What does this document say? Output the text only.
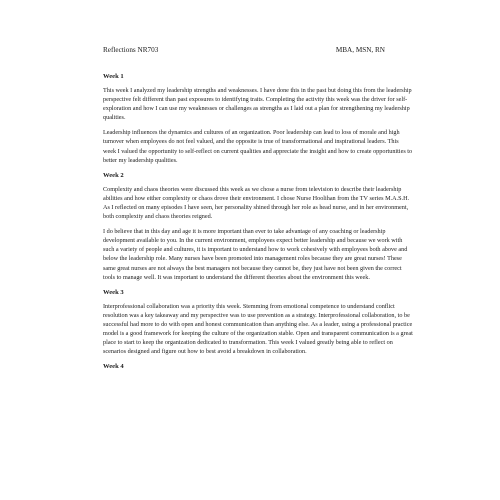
Reflections NR703	MBA, MSN, RN
Week 1

This week I analyzed my leadership strengths and weaknesses. I have done this in the past but doing this from the leadership perspective felt different than past exposures to identifying traits. Completing the activity this week was the driver for self- exploration and how I can use my weaknesses or challenges as strengths as I laid out a plan for strengthening my leadership qualities.

Leadership influences the dynamics and cultures of an organization. Poor leadership can lead to loss of morale and high turnover when employees do not feel valued, and the opposite is true of transformational and inspirational leaders. This week I valued the opportunity to self-reflect on current qualities and appreciate the insight and how to create opportunities to better my leadership qualities.

Week 2

Complexity and chaos theories were discussed this week as we chose a nurse from television to describe their leadership abilities and how either complexity or chaos drove their environment. I chose Nurse Hoolihan from the TV series M.A.S.H. As I reflected on many episodes I have seen, her personality shined through her role as head nurse, and in her environment, both complexity and chaos theories reigned.

I do believe that in this day and age it is more important than ever to take advantage of any coaching or leadership development available to you. In the current environment, employees expect better leadership and because we work with such a variety of people and cultures, it is important to understand how to work cohesively with employees both above and below the leadership role. Many nurses have been promoted into management roles because they are great nurses! These same great nurses are not always the best managers not because they cannot be, they just have not been given the correct tools to manage well. It was important to understand the different theories about the environment this week.

Week 3

Interprofessional collaboration was a priority this week. Stemming from emotional competence to understand conflict resolution was a key takeaway and my perspective was to use prevention as a strategy. Interprofessional collaboration, to be successful had more to do with open and honest communication than anything else. As a leader, using a professional practice model is a good framework for keeping the culture of the organization stable. Open and transparent communication is a great place to start to keep the organization dedicated to transformation. This week I valued greatly being able to reflect on scenarios designed and figure out how to best avoid a breakdown in collaboration.

Week 4
